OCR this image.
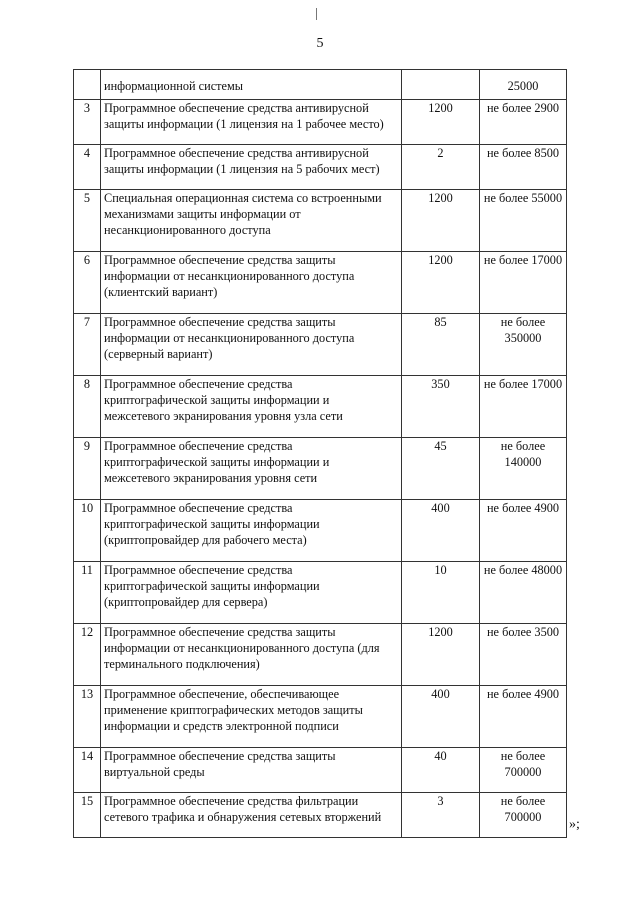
5
	информационной системы		25000
3	Программное обеспечение средства антивирусной защиты информации (1 лицензия на 1 рабочее место)	1200	не более 2900
4	Программное обеспечение средства антивирусной защиты информации (1 лицензия на 5 рабочих мест)	2	не более 8500
5	Специальная операционная система со встроенными механизмами защиты информации от несанкционированного доступа	1200	не более 55000
6	Программное обеспечение средства защиты информации от несанкционированного доступа (клиентский вариант)	1200	не более 17000
7	Программное обеспечение средства защиты информации от несанкционированного доступа (серверный вариант)	85	не более 350000
8	Программное обеспечение средства криптографической защиты информации и межсетевого экранирования уровня узла сети	350	не более 17000
9	Программное обеспечение средства криптографической защиты информации и межсетевого экранирования уровня сети	45	не более 140000
10	Программное обеспечение средства криптографической защиты информации (криптопровайдер для рабочего места)	400	не более 4900
11	Программное обеспечение средства криптографической защиты информации (криптопровайдер для сервера)	10	не более 48000
12	Программное обеспечение средства защиты информации от несанкционированного доступа (для терминального подключения)	1200	не более 3500
13	Программное обеспечение, обеспечивающее применение криптографических методов защиты информации и средств электронной подписи	400	не более 4900
14	Программное обеспечение средства защиты виртуальной среды	40	не более 700000
15	Программное обеспечение средства фильтрации сетевого трафика и обнаружения сетевых вторжений	3	не более 700000 »;
